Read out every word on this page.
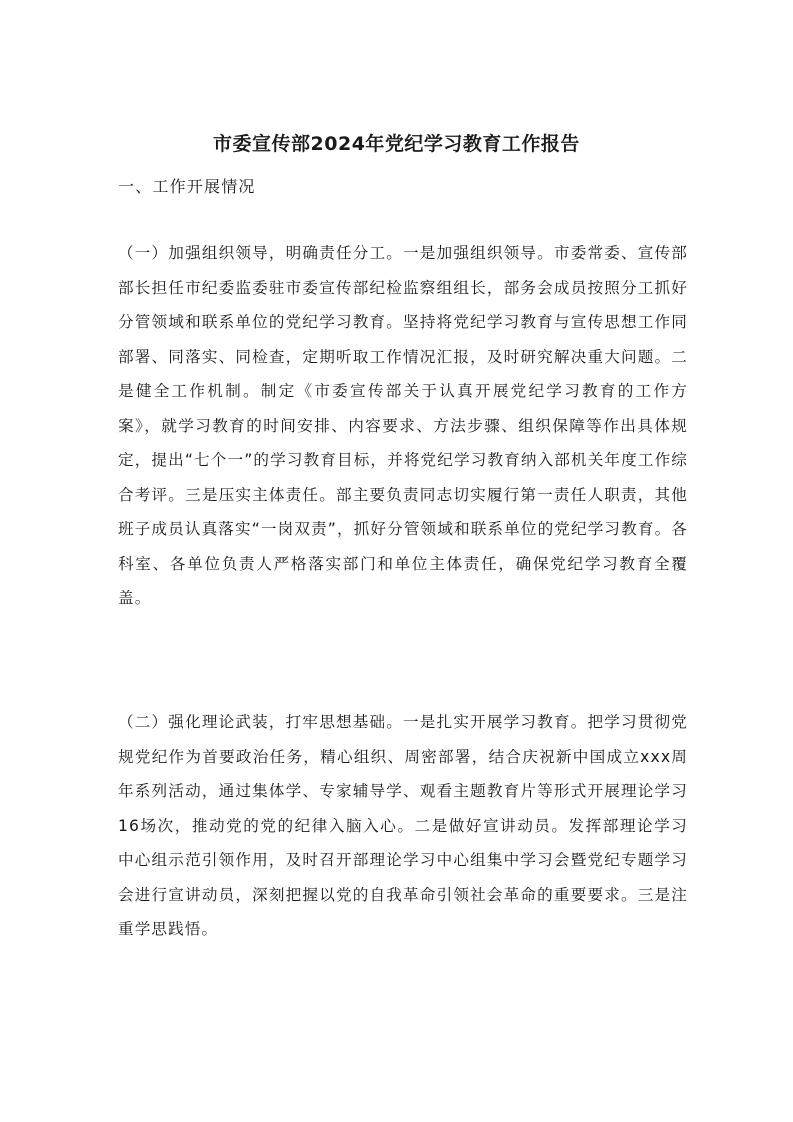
市委宣传部2024年党纪学习教育工作报告
一、工作开展情况

（一）加强组织领导，明确责任分工。一是加强组织领导。市委常委、宣传部部长担任市纪委监委驻市委宣传部纪检监察组组长，部务会成员按照分工抓好分管领域和联系单位的党纪学习教育。坚持将党纪学习教育与宣传思想工作同部署、同落实、同检查，定期听取工作情况汇报，及时研究解决重大问题。二是健全工作机制。制定《市委宣传部关于认真开展党纪学习教育的工作方案》，就学习教育的时间安排、内容要求、方法步骤、组织保障等作出具体规定，提出“七个一”的学习教育目标，并将党纪学习教育纳入部机关年度工作综合考评。三是压实主体责任。部主要负责同志切实履行第一责任人职责，其他班子成员认真落实“一岗双责”，抓好分管领域和联系单位的党纪学习教育。各科室、各单位负责人严格落实部门和单位主体责任，确保党纪学习教育全覆盖。

（二）强化理论武装，打牢思想基础。一是扎实开展学习教育。把学习贯彻党规党纪作为首要政治任务，精心组织、周密部署，结合庆祝新中国成立xxx周年系列活动，通过集体学、专家辅导学、观看主题教育片等形式开展理论学习16场次，推动党的党的纪律入脑入心。二是做好宣讲动员。发挥部理论学习中心组示范引领作用，及时召开部理论学习中心组集中学习会暨党纪专题学习会进行宣讲动员，深刻把握以党的自我革命引领社会革命的重要要求。三是注重学思践悟。
